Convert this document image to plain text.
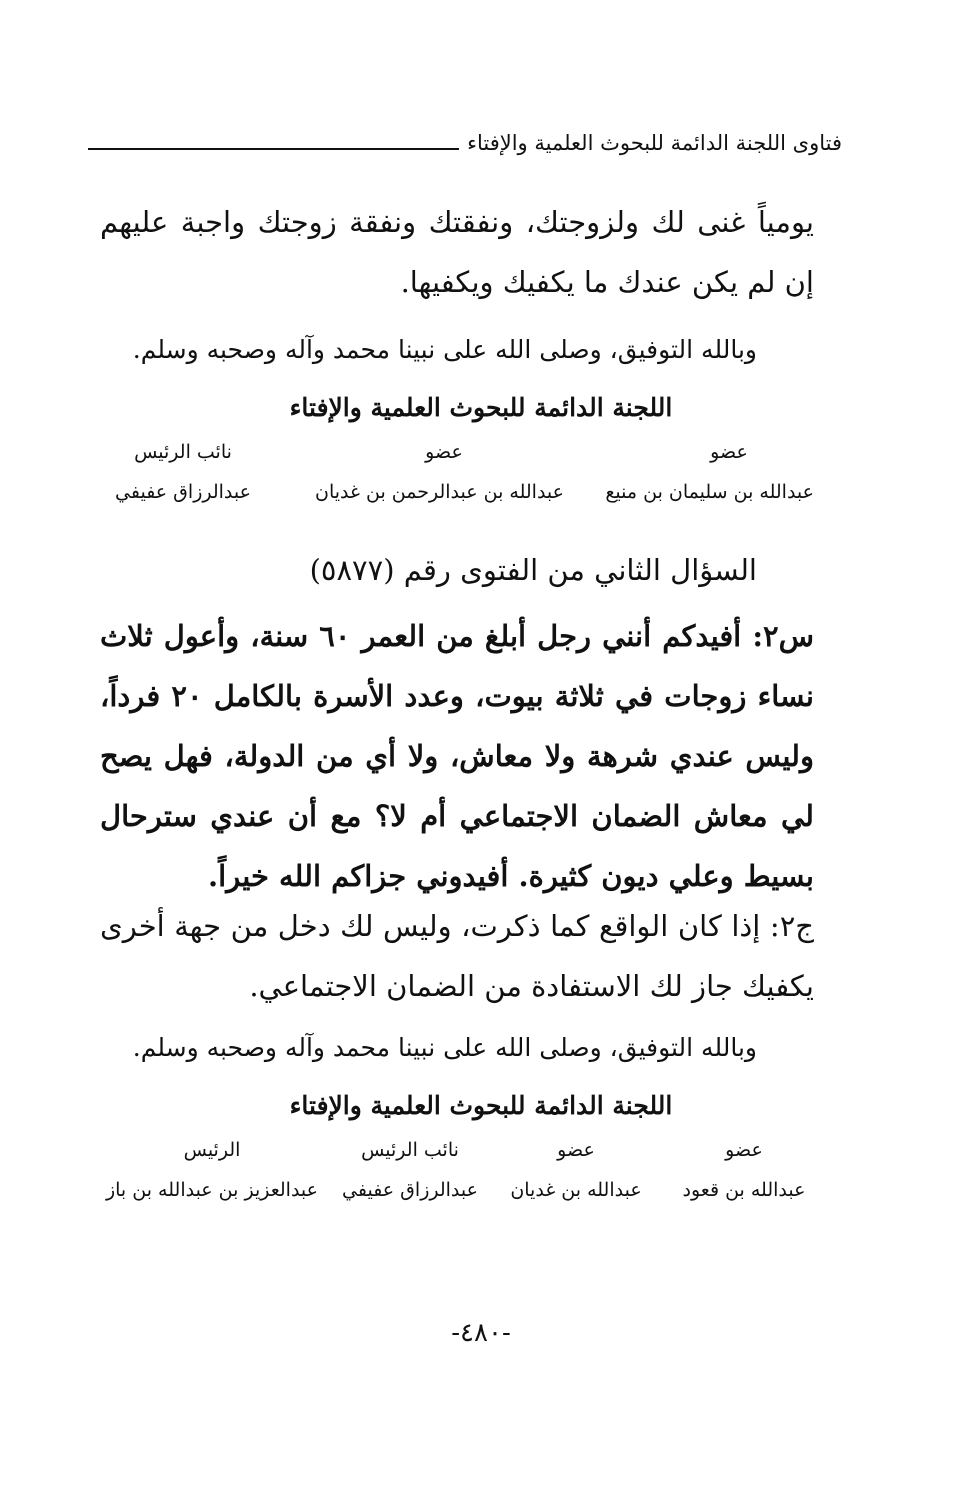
فتاوى اللجنة الدائمة للبحوث العلمية والإفتاء
يومياً غنى لك ولزوجتك، ونفقتك ونفقة زوجتك واجبة عليهم إن لم يكن عندك ما يكفيك ويكفيها.
وبالله التوفيق، وصلى الله على نبينا محمد وآله وصحبه وسلم.
اللجنة الدائمة للبحوث العلمية والإفتاء
عضو
عبدالله بن سليمان بن منيع
عضو
عبدالله بن عبدالرحمن بن غديان
نائب الرئيس
عبدالرزاق عفيفي
السؤال الثاني من الفتوى رقم (٥٨٧٧)
س٢: أفيدكم أنني رجل أبلغ من العمر ٦٠ سنة، وأعول ثلاث نساء زوجات في ثلاثة بيوت، وعدد الأسرة بالكامل ٢٠ فرداً، وليس عندي شرهة ولا معاش، ولا أي من الدولة، فهل يصح لي معاش الضمان الاجتماعي أم لا؟ مع أن عندي سترحال بسيط وعلي ديون كثيرة. أفيدوني جزاكم الله خيراً.
ج٢: إذا كان الواقع كما ذكرت، وليس لك دخل من جهة أخرى يكفيك جاز لك الاستفادة من الضمان الاجتماعي.
وبالله التوفيق، وصلى الله على نبينا محمد وآله وصحبه وسلم.
اللجنة الدائمة للبحوث العلمية والإفتاء
عضو
عبدالله بن قعود
عضو
عبدالله بن غديان
نائب الرئيس
عبدالرزاق عفيفي
الرئيس
عبدالعزيز بن عبدالله بن باز
-٤٨٠-
